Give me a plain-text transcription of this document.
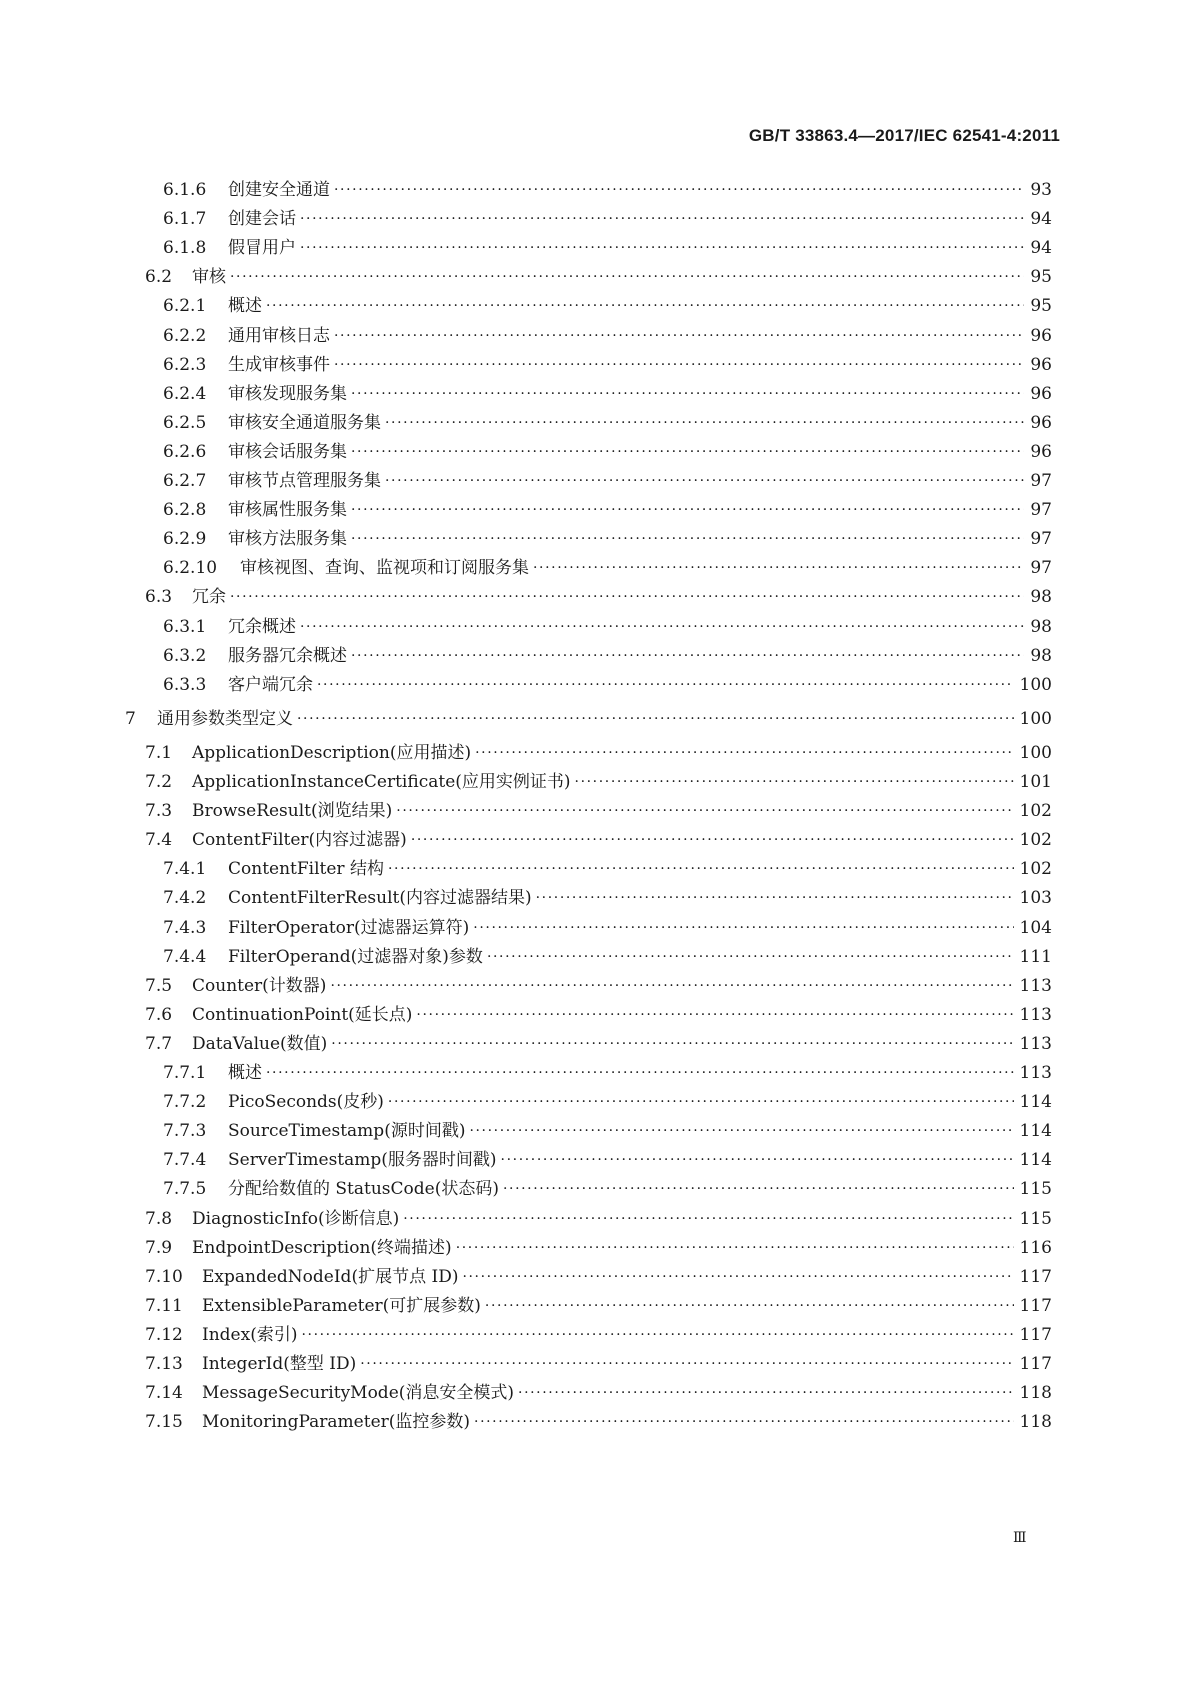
GB/T 33863.4—2017/IEC 62541-4:2011
6.1.6	创建安全通道 ·····	93
6.1.7	创建会话 ·····	94
6.1.8	假冒用户 ·····	94
6.2	审核 ·····	95
6.2.1	概述 ·····	95
6.2.2	通用审核日志 ·····	96
6.2.3	生成审核事件 ·····	96
6.2.4	审核发现服务集 ·····	96
6.2.5	审核安全通道服务集 ·····	96
6.2.6	审核会话服务集 ·····	96
6.2.7	审核节点管理服务集 ·····	97
6.2.8	审核属性服务集 ·····	97
6.2.9	审核方法服务集 ·····	97
6.2.10	审核视图、查询、监视项和订阅服务集 ·····	97
6.3	冗余 ·····	98
6.3.1	冗余概述 ·····	98
6.3.2	服务器冗余概述 ·····	98
6.3.3	客户端冗余 ·····	100
7	通用参数类型定义 ·····	100
7.1	ApplicationDescription(应用描述) ·····	100
7.2	ApplicationInstanceCertificate(应用实例证书) ·····	101
7.3	BrowseResult(浏览结果) ·····	102
7.4	ContentFilter(内容过滤器) ·····	102
7.4.1	ContentFilter 结构 ·····	102
7.4.2	ContentFilterResult(内容过滤器结果) ·····	103
7.4.3	FilterOperator(过滤器运算符) ·····	104
7.4.4	FilterOperand(过滤器对象)参数 ·····	111
7.5	Counter(计数器) ·····	113
7.6	ContinuationPoint(延长点) ·····	113
7.7	DataValue(数值) ·····	113
7.7.1	概述 ·····	113
7.7.2	PicoSeconds(皮秒) ·····	114
7.7.3	SourceTimestamp(源时间戳) ·····	114
7.7.4	ServerTimestamp(服务器时间戳) ·····	114
7.7.5	分配给数值的 StatusCode(状态码) ·····	115
7.8	DiagnosticInfo(诊断信息) ·····	115
7.9	EndpointDescription(终端描述) ·····	116
7.10	ExpandedNodeId(扩展节点 ID) ·····	117
7.11	ExtensibleParameter(可扩展参数) ·····	117
7.12	Index(索引) ·····	117
7.13	IntegerId(整型 ID) ·····	117
7.14	MessageSecurityMode(消息安全模式) ·····	118
7.15	MonitoringParameter(监控参数) ·····	118
Ⅲ
